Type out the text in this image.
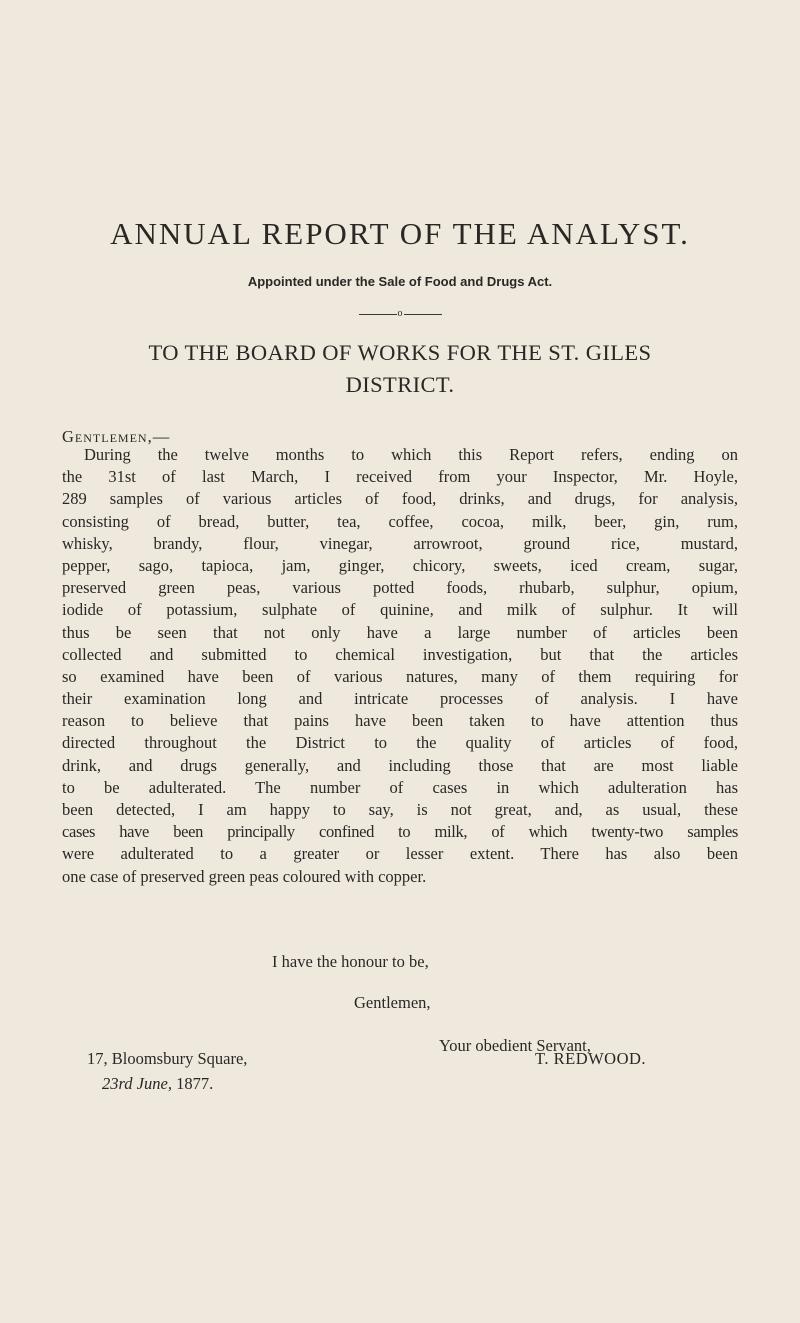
ANNUAL REPORT OF THE ANALYST.
Appointed under the Sale of Food and Drugs Act.
o
TO THE BOARD OF WORKS FOR THE ST. GILES
DISTRICT.
Gentlemen,—
During the twelve months to which this Report refers, ending on
the 31st of last March, I received from your Inspector, Mr. Hoyle,
289 samples of various articles of food, drinks, and drugs, for analysis,
consisting of bread, butter, tea, coffee, cocoa, milk, beer, gin, rum,
whisky, brandy, flour, vinegar, arrowroot, ground rice, mustard,
pepper, sago, tapioca, jam, ginger, chicory, sweets, iced cream, sugar,
preserved green peas, various potted foods, rhubarb, sulphur, opium,
iodide of potassium, sulphate of quinine, and milk of sulphur. It will
thus be seen that not only have a large number of articles been
collected and submitted to chemical investigation, but that the articles
so examined have been of various natures, many of them requiring for
their examination long and intricate processes of analysis. I have
reason to believe that pains have been taken to have attention thus
directed throughout the District to the quality of articles of food,
drink, and drugs generally, and including those that are most liable
to be adulterated. The number of cases in which adulteration has
been detected, I am happy to say, is not great, and, as usual, these
cases have been principally confined to milk, of which twenty-two samples
were adulterated to a greater or lesser extent. There has also been
one case of preserved green peas coloured with copper.
I have the honour to be,
Gentlemen,
Your obedient Servant,
17, Bloomsbury Square,	T. REDWOOD.
23rd June, 1877.
